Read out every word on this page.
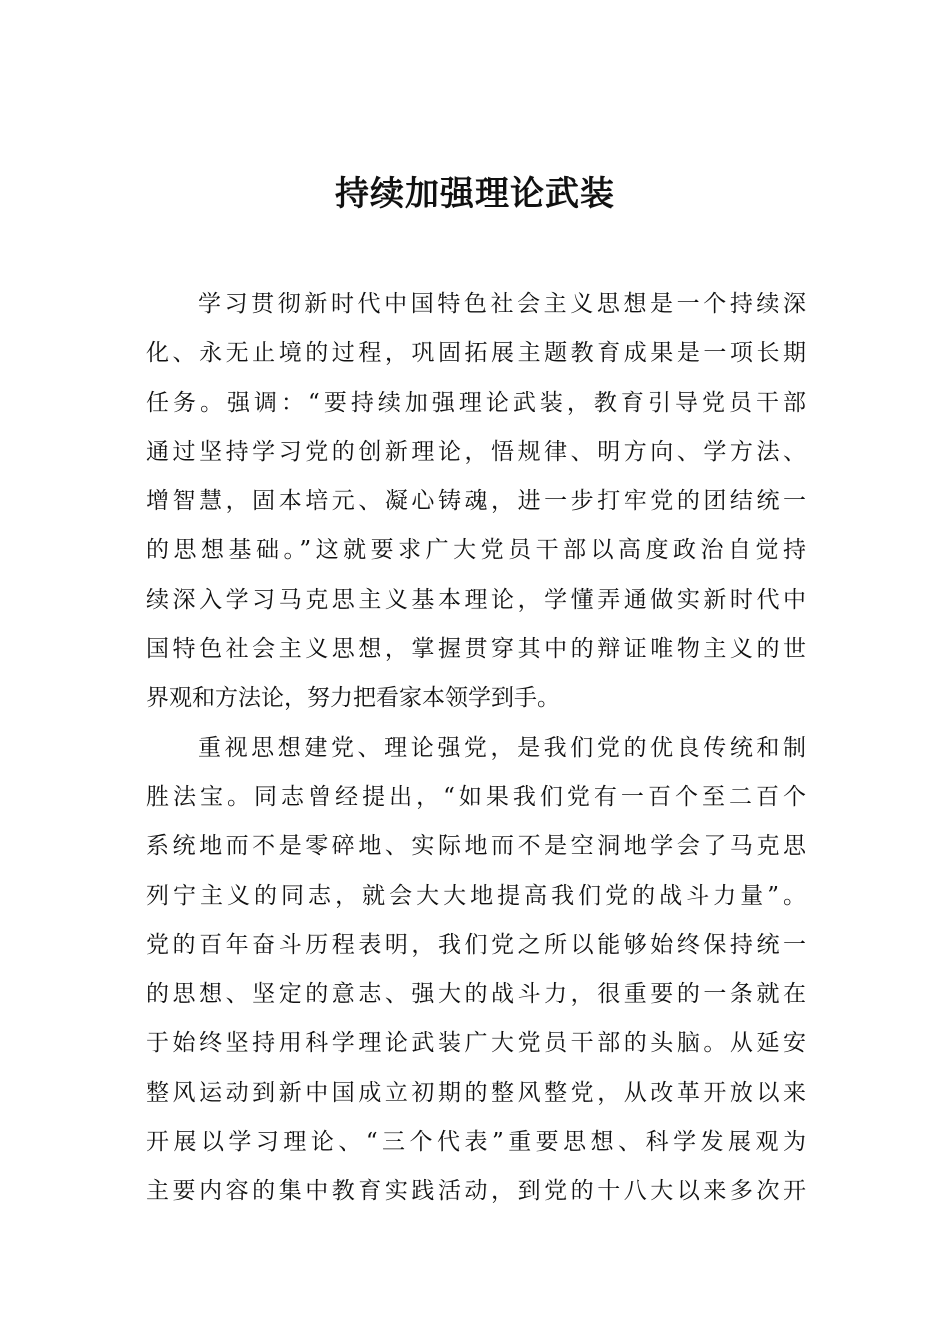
持续加强理论武装
学习贯彻新时代中国特色社会主义思想是一个持续深
化、永无止境的过程，巩固拓展主题教育成果是一项长期
任务。强调：“要持续加强理论武装，教育引导党员干部
通过坚持学习党的创新理论，悟规律、明方向、学方法、
增智慧，固本培元、凝心铸魂，进一步打牢党的团结统一
的思想基础。”这就要求广大党员干部以高度政治自觉持
续深入学习马克思主义基本理论，学懂弄通做实新时代中
国特色社会主义思想，掌握贯穿其中的辩证唯物主义的世
界观和方法论，努力把看家本领学到手。
重视思想建党、理论强党，是我们党的优良传统和制
胜法宝。同志曾经提出，“如果我们党有一百个至二百个
系统地而不是零碎地、实际地而不是空洞地学会了马克思
列宁主义的同志，就会大大地提高我们党的战斗力量”。
党的百年奋斗历程表明，我们党之所以能够始终保持统一
的思想、坚定的意志、强大的战斗力，很重要的一条就在
于始终坚持用科学理论武装广大党员干部的头脑。从延安
整风运动到新中国成立初期的整风整党，从改革开放以来
开展以学习理论、“三个代表”重要思想、科学发展观为
主要内容的集中教育实践活动，到党的十八大以来多次开
